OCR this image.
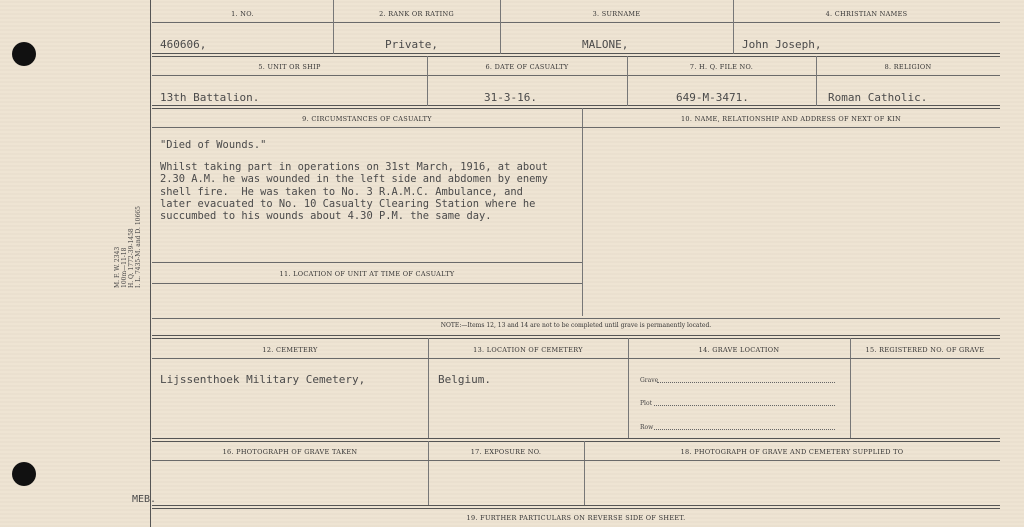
M. F. W. 2343 100m—11-18 H. Q. 1772-39-1458 I. L. 7435-M. and D. 10665
MEB.
1. NO.	2. RANK OR RATING	3. SURNAME	4. CHRISTIAN NAMES
460606,	Private,	MALONE,	John Joseph,
5. UNIT OR SHIP	6. DATE OF CASUALTY	7. H. Q. FILE NO.	8. RELIGION
13th Battalion.	31-3-16.	649-M-3471.	Roman Catholic.
9. CIRCUMSTANCES OF CASUALTY	10. NAME, RELATIONSHIP AND ADDRESS OF NEXT OF KIN
"Died of Wounds."
Whilst taking part in operations on 31st March, 1916, at about
2.30 A.M. he was wounded in the left side and abdomen by enemy
shell fire.  He was taken to No. 3 R.A.M.C. Ambulance, and
later evacuated to No. 10 Casualty Clearing Station where he
succumbed to his wounds about 4.30 P.M. the same day.
11. LOCATION OF UNIT AT TIME OF CASUALTY
NOTE:—Items 12, 13 and 14 are not to be completed until grave is permanently located.
12. CEMETERY	13. LOCATION OF CEMETERY	14. GRAVE LOCATION	15. REGISTERED NO. OF GRAVE
Lijssenthoek Military Cemetery,	Belgium.	Grave
Plot
Row
16. PHOTOGRAPH OF GRAVE TAKEN	17. EXPOSURE NO.	18. PHOTOGRAPH OF GRAVE AND CEMETERY SUPPLIED TO
19. FURTHER PARTICULARS ON REVERSE SIDE OF SHEET.
